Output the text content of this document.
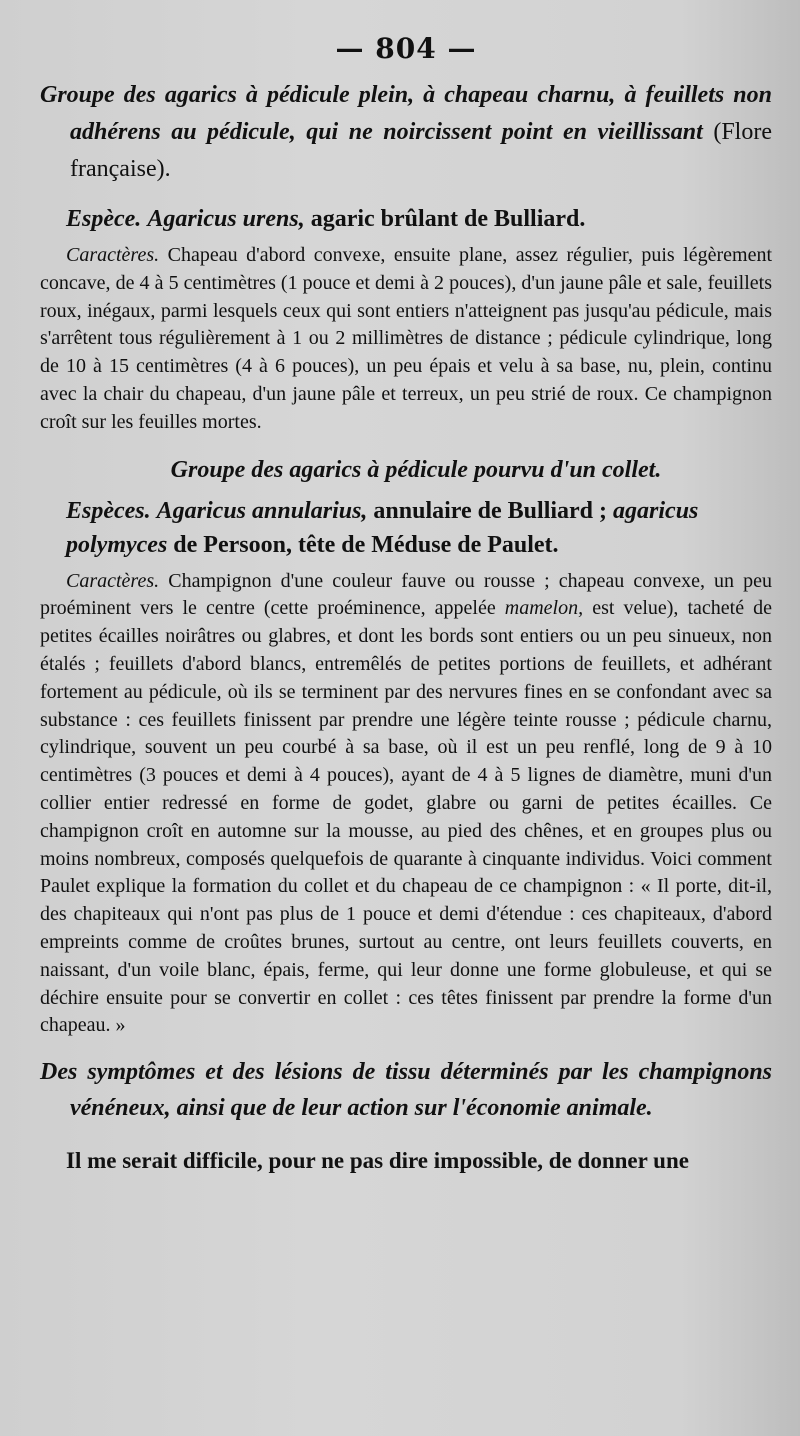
— 804 —
Groupe des agarics à pédicule plein, à chapeau charnu, à feuillets non adhérens au pédicule, qui ne noircissent point en vieillissant (Flore française).
Espèce. Agaricus urens, agaric brûlant de Bulliard.

Caractères. Chapeau d'abord convexe, ensuite plane, assez régulier, puis légèrement concave, de 4 à 5 centimètres (1 pouce et demi à 2 pouces), d'un jaune pâle et sale, feuillets roux, inégaux, parmi lesquels ceux qui sont entiers n'atteignent pas jusqu'au pédicule, mais s'arrêtent tous régulièrement à 1 ou 2 millimètres de distance ; pédicule cylindrique, long de 10 à 15 centimètres (4 à 6 pouces), un peu épais et velu à sa base, nu, plein, continu avec la chair du chapeau, d'un jaune pâle et terreux, un peu strié de roux. Ce champignon croît sur les feuilles mortes.

Groupe des agarics à pédicule pourvu d'un collet.
Espèces. Agaricus annularius, annulaire de Bulliard ; agaricus polymyces de Persoon, tête de Méduse de Paulet.

Caractères. Champignon d'une couleur fauve ou rousse ; chapeau convexe, un peu proéminent vers le centre (cette proéminence, appelée mamelon, est velue), tacheté de petites écailles noirâtres ou glabres, et dont les bords sont entiers ou un peu sinueux, non étalés ; feuillets d'abord blancs, entremêlés de petites portions de feuillets, et adhérant fortement au pédicule, où ils se terminent par des nervures fines en se confondant avec sa substance : ces feuillets finissent par prendre une légère teinte rousse ; pédicule charnu, cylindrique, souvent un peu courbé à sa base, où il est un peu renflé, long de 9 à 10 centimètres (3 pouces et demi à 4 pouces), ayant de 4 à 5 lignes de diamètre, muni d'un collier entier redressé en forme de godet, glabre ou garni de petites écailles. Ce champignon croît en automne sur la mousse, au pied des chênes, et en groupes plus ou moins nombreux, composés quelquefois de quarante à cinquante individus. Voici comment Paulet explique la formation du collet et du chapeau de ce champignon : « Il porte, dit-il, des chapiteaux qui n'ont pas plus de 1 pouce et demi d'étendue : ces chapiteaux, d'abord empreints comme de croûtes brunes, surtout au centre, ont leurs feuillets couverts, en naissant, d'un voile blanc, épais, ferme, qui leur donne une forme globuleuse, et qui se déchire ensuite pour se convertir en collet : ces têtes finissent par prendre la forme d'un chapeau. »

Des symptômes et des lésions de tissu déterminés par les champignons vénéneux, ainsi que de leur action sur l'économie animale.
Il me serait difficile, pour ne pas dire impossible, de donner une
